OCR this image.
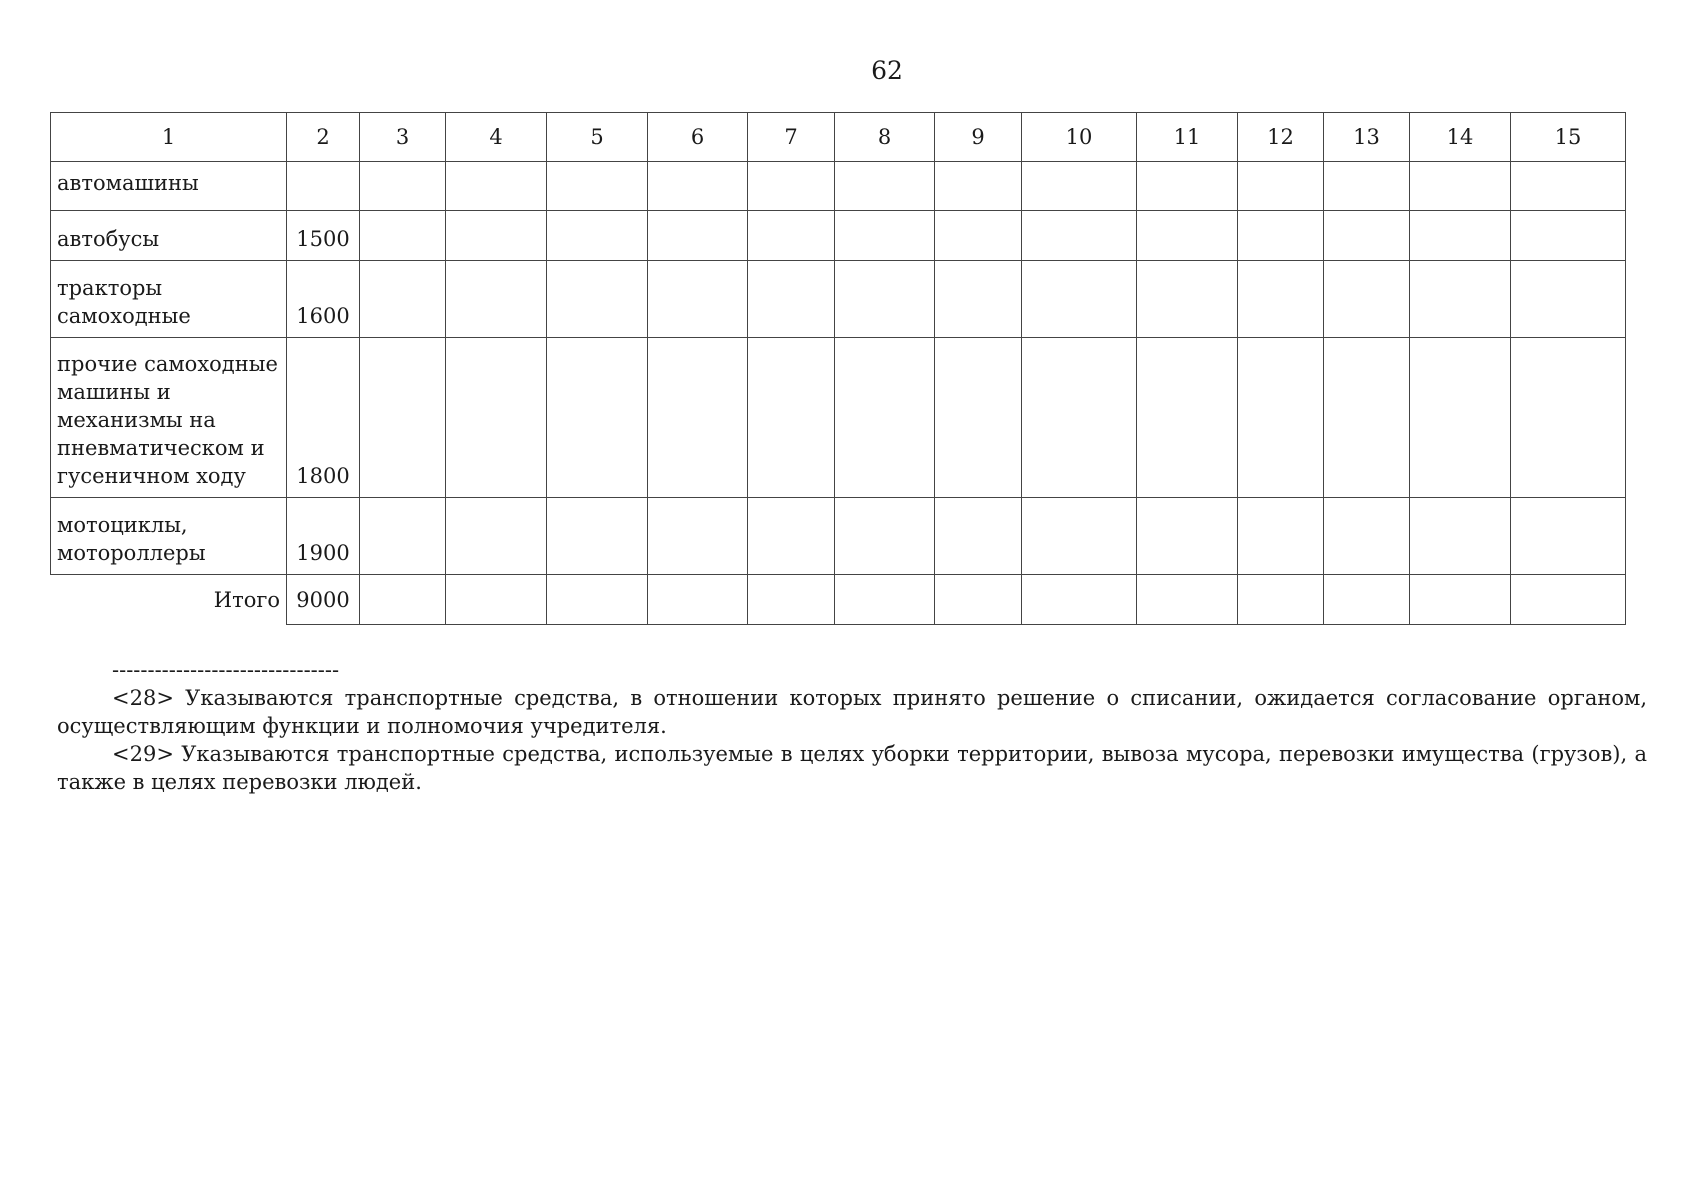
62
1	2	3	4	5	6	7	8	9	10	11	12	13	14	15
автомашины														
автобусы	1500													
тракторы
самоходные	1600													
прочие самоходные
машины и
механизмы на
пневматическом и
гусеничном ходу	1800													
мотоциклы,
мотороллеры	1900													
Итого	9000													
--------------------------------

<28> Указываются транспортные средства, в отношении которых принято решение о списании, ожидается согласование органом, осуществляющим функции и полномочия учредителя.

<29> Указываются транспортные средства, используемые в целях уборки территории, вывоза мусора, перевозки имущества (грузов), а также в целях перевозки людей.
